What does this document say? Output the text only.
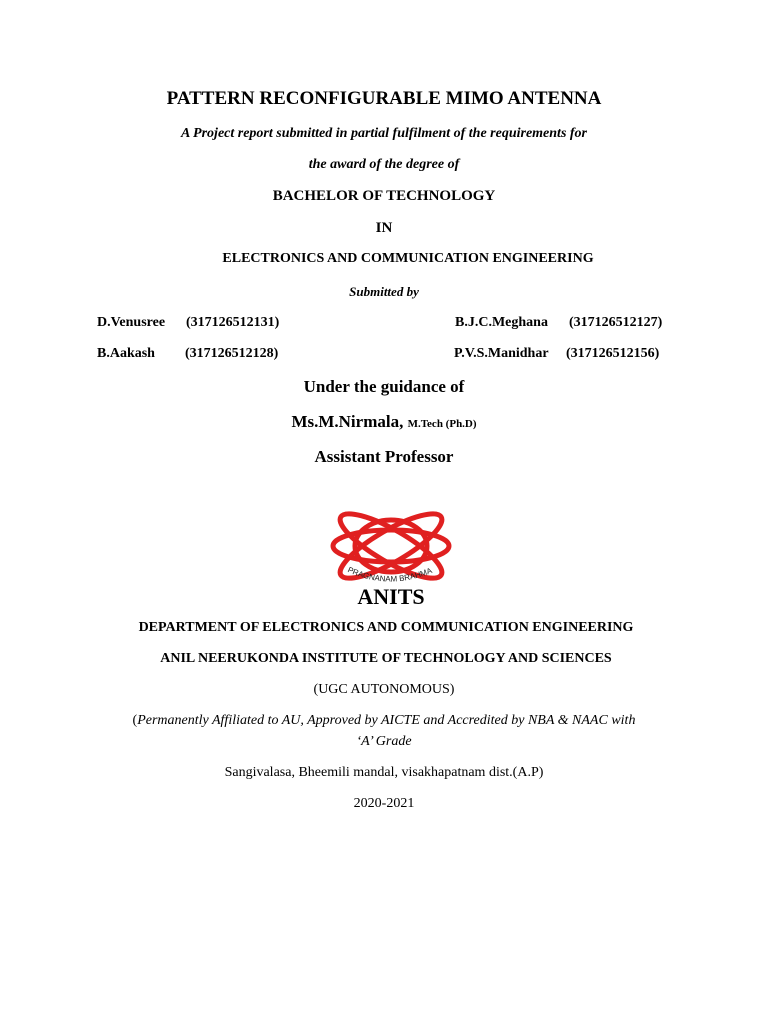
PATTERN RECONFIGURABLE MIMO ANTENNA
A Project report submitted in partial fulfilment of the requirements for
the award of the degree of
BACHELOR OF TECHNOLOGY
IN
ELECTRONICS AND COMMUNICATION ENGINEERING
Submitted by
D.Venusree (317126512131)	B.J.C.Meghana (317126512127)
B.Aakash (317126512128)	P.V.S.Manidhar (317126512156)
Under the guidance of
Ms.M.Nirmala, M.Tech (Ph.D)
Assistant Professor
PRAGNANAM BRAHMA
ANITS
DEPARTMENT OF ELECTRONICS AND COMMUNICATION ENGINEERING
ANIL NEERUKONDA INSTITUTE OF TECHNOLOGY AND SCIENCES
(UGC AUTONOMOUS)
(Permanently Affiliated to AU, Approved by AICTE and Accredited by NBA & NAAC with
‘A’ Grade
Sangivalasa, Bheemili mandal, visakhapatnam dist.(A.P)
2020-2021
